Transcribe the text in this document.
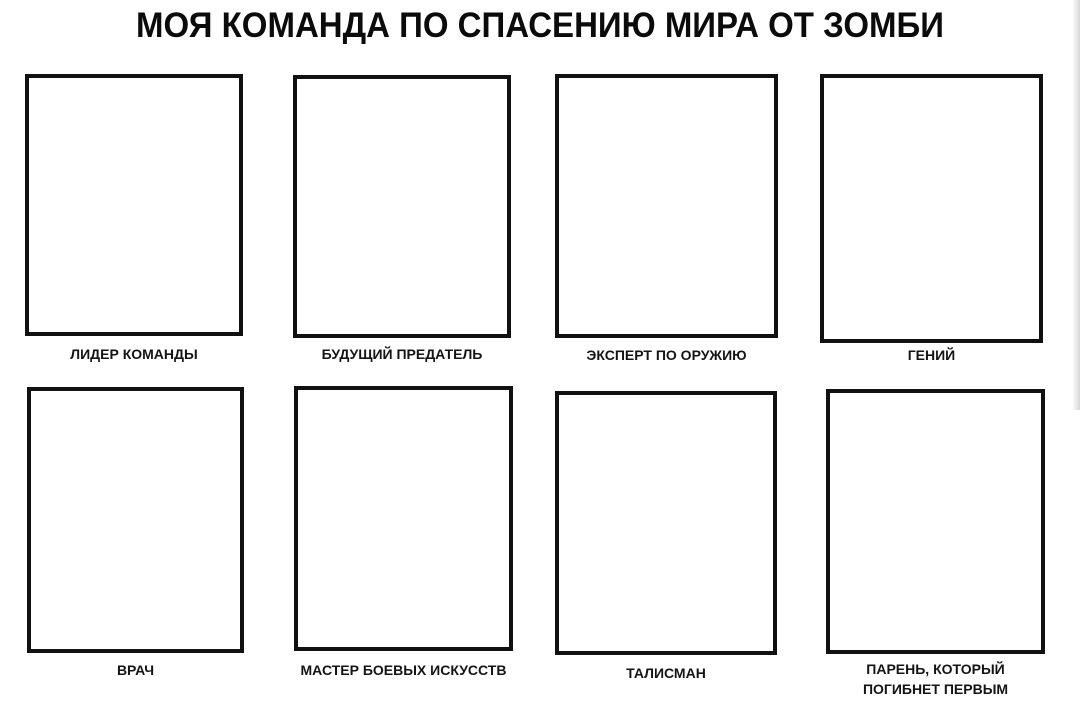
МОЯ КОМАНДА ПО СПАСЕНИЮ МИРА ОТ ЗОМБИ
ЛИДЕР КОМАНДЫ	БУДУЩИЙ ПРЕДАТЕЛЬ	ЭКСПЕРТ ПО ОРУЖИЮ	ГЕНИЙ
ВРАЧ	МАСТЕР БОЕВЫХ ИСКУССТВ	ТАЛИСМАН	ПАРЕНЬ, КОТОРЫЙ
ПОГИБНЕТ ПЕРВЫМ
